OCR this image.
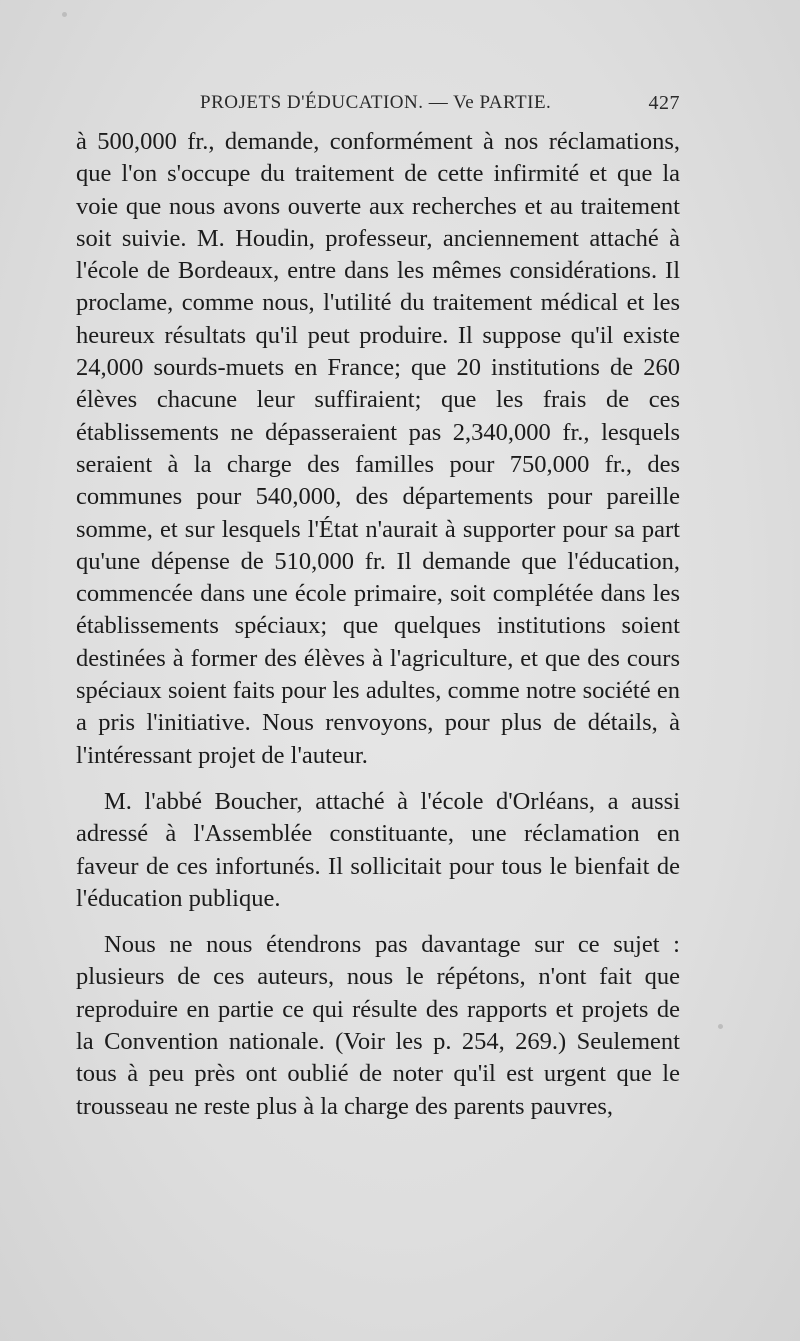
PROJETS D'ÉDUCATION. — Ve PARTIE.	427

à 500,000 fr., demande, conformément à nos réclamations, que l'on s'occupe du traitement de cette infirmité et que la voie que nous avons ouverte aux recherches et au traitement soit suivie. M. Houdin, professeur, anciennement attaché à l'école de Bordeaux, entre dans les mêmes considérations. Il proclame, comme nous, l'utilité du traitement médical et les heureux résultats qu'il peut produire. Il suppose qu'il existe 24,000 sourds-muets en France; que 20 institutions de 260 élèves chacune leur suffiraient; que les frais de ces établissements ne dépasseraient pas 2,340,000 fr., lesquels seraient à la charge des familles pour 750,000 fr., des communes pour 540,000, des départements pour pareille somme, et sur lesquels l'État n'aurait à supporter pour sa part qu'une dépense de 510,000 fr. Il demande que l'éducation, commencée dans une école primaire, soit complétée dans les établissements spéciaux; que quelques institutions soient destinées à former des élèves à l'agriculture, et que des cours spéciaux soient faits pour les adultes, comme notre société en a pris l'initiative. Nous renvoyons, pour plus de détails, à l'intéressant projet de l'auteur.

M. l'abbé Boucher, attaché à l'école d'Orléans, a aussi adressé à l'Assemblée constituante, une réclamation en faveur de ces infortunés. Il sollicitait pour tous le bienfait de l'éducation publique.

Nous ne nous étendrons pas davantage sur ce sujet : plusieurs de ces auteurs, nous le répétons, n'ont fait que reproduire en partie ce qui résulte des rapports et projets de la Convention nationale. (Voir les p. 254, 269.) Seulement tous à peu près ont oublié de noter qu'il est urgent que le trousseau ne reste plus à la charge des parents pauvres,
